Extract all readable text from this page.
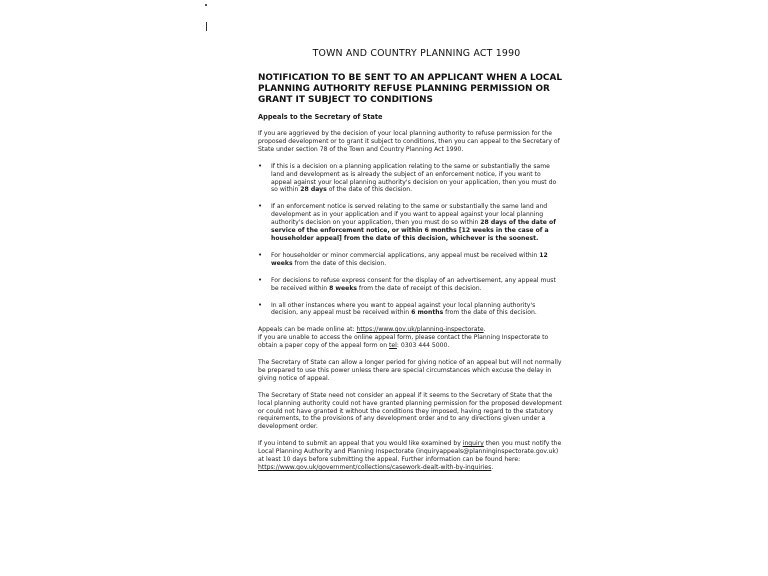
TOWN AND COUNTRY PLANNING ACT 1990
NOTIFICATION TO BE SENT TO AN APPLICANT WHEN A LOCAL PLANNING AUTHORITY REFUSE PLANNING PERMISSION OR GRANT IT SUBJECT TO CONDITIONS
Appeals to the Secretary of State

If you are aggrieved by the decision of your local planning authority to refuse permission for the proposed development or to grant it subject to conditions, then you can appeal to the Secretary of State under section 78 of the Town and Country Planning Act 1990.

• If this is a decision on a planning application relating to the same or substantially the same land and development as is already the subject of an enforcement notice, if you want to appeal against your local planning authority's decision on your application, then you must do so within 28 days of the date of this decision.
• If an enforcement notice is served relating to the same or substantially the same land and development as in your application and if you want to appeal against your local planning authority's decision on your application, then you must do so within 28 days of the date of service of the enforcement notice, or within 6 months [12 weeks in the case of a householder appeal] from the date of this decision, whichever is the soonest.
• For householder or minor commercial applications, any appeal must be received within 12 weeks from the date of this decision.
• For decisions to refuse express consent for the display of an advertisement, any appeal must be received within 8 weeks from the date of receipt of this decision.
• In all other instances where you want to appeal against your local planning authority's decision, any appeal must be received within 6 months from the date of this decision.

Appeals can be made online at: https://www.gov.uk/planning-inspectorate.
If you are unable to access the online appeal form, please contact the Planning Inspectorate to obtain a paper copy of the appeal form on tel: 0303 444 5000.

The Secretary of State can allow a longer period for giving notice of an appeal but will not normally be prepared to use this power unless there are special circumstances which excuse the delay in giving notice of appeal.

The Secretary of State need not consider an appeal if it seems to the Secretary of State that the local planning authority could not have granted planning permission for the proposed development or could not have granted it without the conditions they imposed, having regard to the statutory requirements, to the provisions of any development order and to any directions given under a development order.

If you intend to submit an appeal that you would like examined by inquiry then you must notify the Local Planning Authority and Planning Inspectorate (inquiryappeals@planninginspectorate.gov.uk) at least 10 days before submitting the appeal. Further information can be found here:
https://www.gov.uk/government/collections/casework-dealt-with-by-inquiries.
